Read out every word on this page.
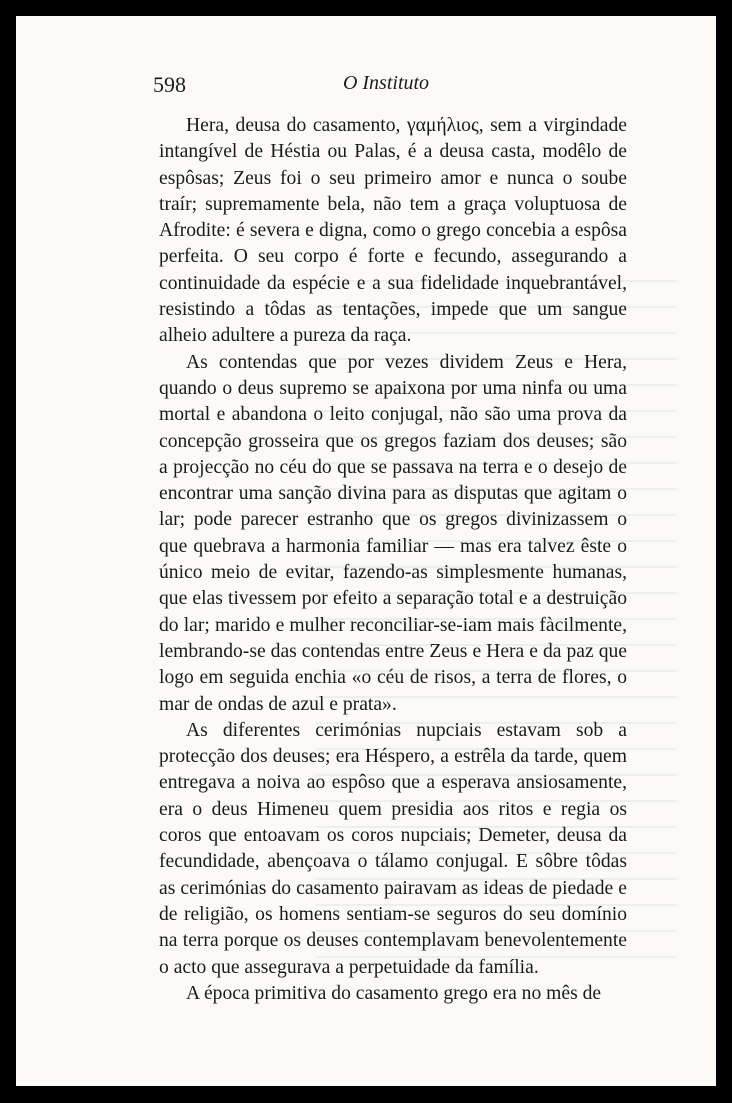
598	O Instituto

Hera, deusa do casamento, γαμήλιος, sem a virgindade intangível de Héstia ou Palas, é a deusa casta, modêlo de espôsas; Zeus foi o seu primeiro amor e nunca o soube traír; supremamente bela, não tem a graça voluptuosa de Afrodite: é severa e digna, como o grego concebia a espôsa perfeita. O seu corpo é forte e fecundo, assegurando a continuidade da espécie e a sua fidelidade inquebrantável, resistindo a tôdas as tentações, impede que um sangue alheio adultere a pureza da raça.

As contendas que por vezes dividem Zeus e Hera, quando o deus supremo se apaixona por uma ninfa ou uma mortal e abandona o leito conjugal, não são uma prova da concepção grosseira que os gregos faziam dos deuses; são a projecção no céu do que se passava na terra e o desejo de encontrar uma sanção divina para as disputas que agitam o lar; pode parecer estranho que os gregos divinizassem o que quebrava a harmonia familiar — mas era talvez êste o único meio de evitar, fazendo-as simplesmente humanas, que elas tivessem por efeito a separação total e a destruição do lar; marido e mulher reconciliar-se-iam mais fàcilmente, lembrando-se das contendas entre Zeus e Hera e da paz que logo em seguida enchia «o céu de risos, a terra de flores, o mar de ondas de azul e prata».

As diferentes cerimónias nupciais estavam sob a protecção dos deuses; era Héspero, a estrêla da tarde, quem entregava a noiva ao espôso que a esperava ansiosamente, era o deus Himeneu quem presidia aos ritos e regia os coros que entoavam os coros nupciais; Demeter, deusa da fecundidade, abençoava o tálamo conjugal. E sôbre tôdas as cerimónias do casamento pairavam as ideas de piedade e de religião, os homens sentiam-se seguros do seu domínio na terra porque os deuses contemplavam benevolentemente o acto que assegurava a perpetuidade da família.

A época primitiva do casamento grego era no mês de
